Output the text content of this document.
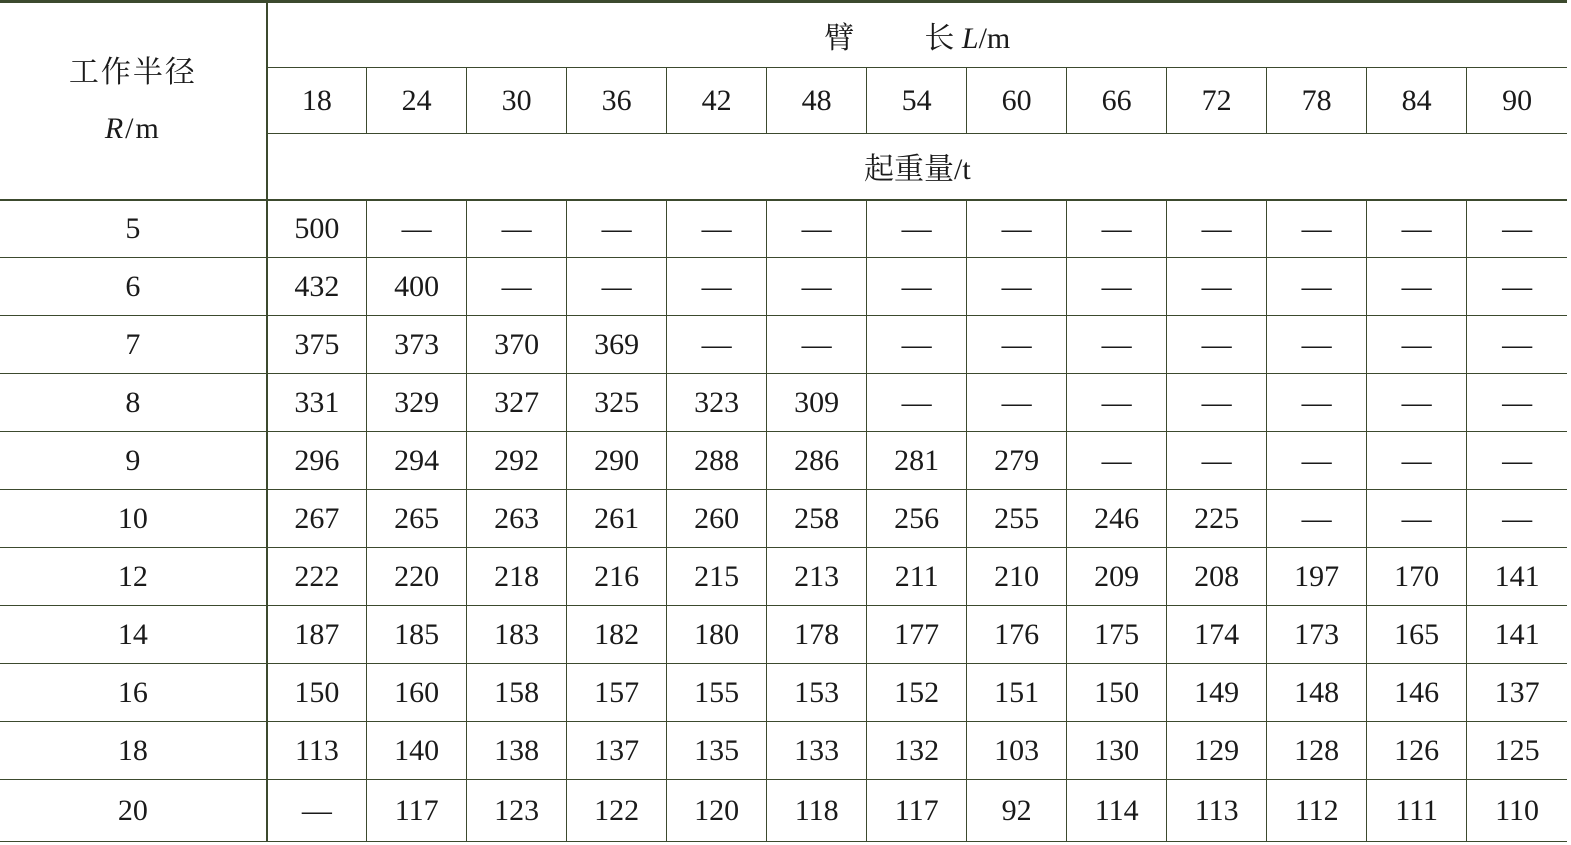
工作半径
R/m	臂 长 L/m												
	18	24	30	36	42	48	54	60	66	72	78	84	90
	起重量/t												
5	500	—	—	—	—	—	—	—	—	—	—	—	—
6	432	400	—	—	—	—	—	—	—	—	—	—	—
7	375	373	370	369	—	—	—	—	—	—	—	—	—
8	331	329	327	325	323	309	—	—	—	—	—	—	—
9	296	294	292	290	288	286	281	279	—	—	—	—	—
10	267	265	263	261	260	258	256	255	246	225	—	—	—
12	222	220	218	216	215	213	211	210	209	208	197	170	141
14	187	185	183	182	180	178	177	176	175	174	173	165	141
16	150	160	158	157	155	153	152	151	150	149	148	146	137
18	113	140	138	137	135	133	132	103	130	129	128	126	125
20	—	117	123	122	120	118	117	92	114	113	112	111	110
